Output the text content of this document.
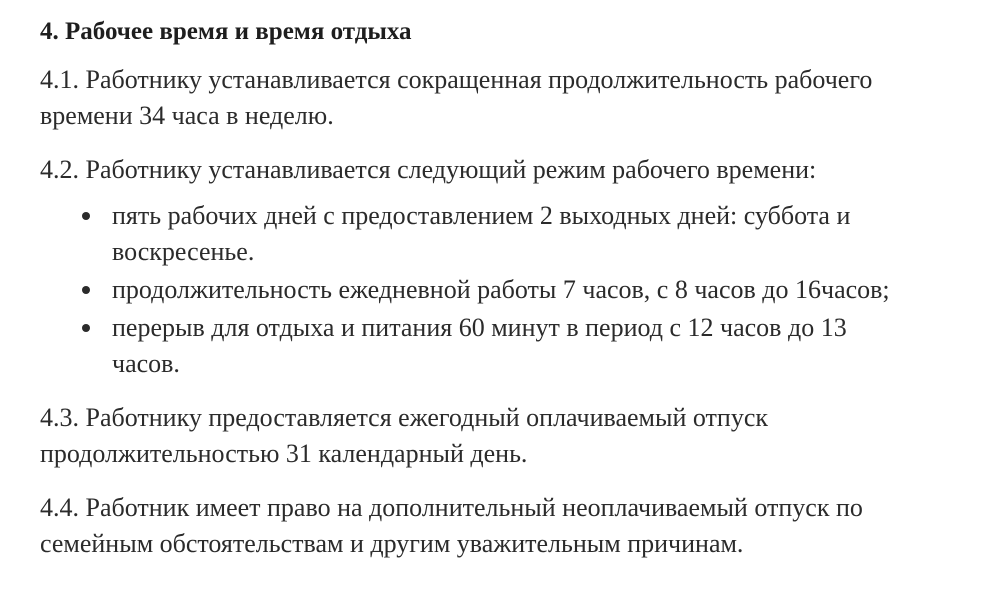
4. Рабочее время и время отдыха
4.1. Работнику устанавливается сокращенная продолжительность рабочего
времени 34 часа в неделю.
4.2. Работнику устанавливается следующий режим рабочего времени:
пять рабочих дней с предоставлением 2 выходных дней: суббота и
воскресенье.
продолжительность ежедневной работы 7 часов, с 8 часов до 16часов;
перерыв для отдыха и питания 60 минут в период с 12 часов до 13
часов.
4.3. Работнику предоставляется ежегодный оплачиваемый отпуск
продолжительностью 31 календарный день.
4.4. Работник имеет право на дополнительный неоплачиваемый отпуск по
семейным обстоятельствам и другим уважительным причинам.
